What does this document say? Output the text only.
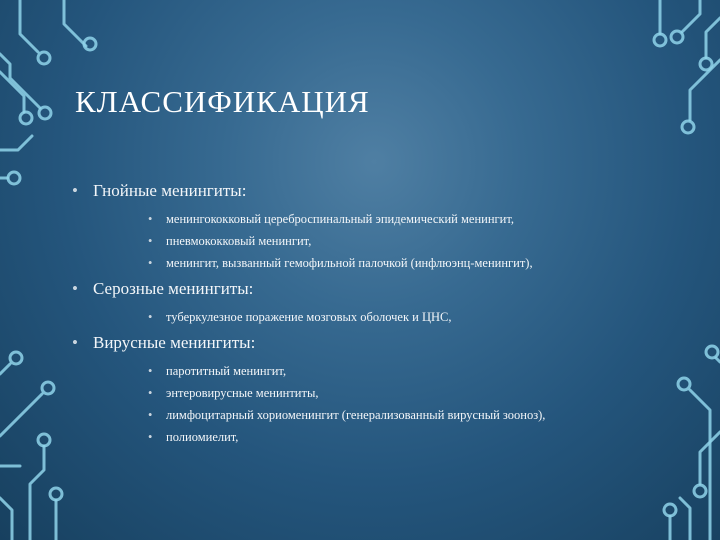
КЛАССИФИКАЦИЯ
• Гнойные менингиты:
• менингококковый цереброспинальный эпидемический менингит,
• пневмококковый менингит,
• менингит, вызванный гемофильной палочкой (инфлюэнц-менингит),
• Серозные менингиты:
• туберкулезное поражение мозговых оболочек и ЦНС,
• Вирусные менингиты:
• паротитный менингит,
• энтеровирусные менинтиты,
• лимфоцитарный хориоменингит (генерализованный вирусный зооноз),
• полиомиелит,
